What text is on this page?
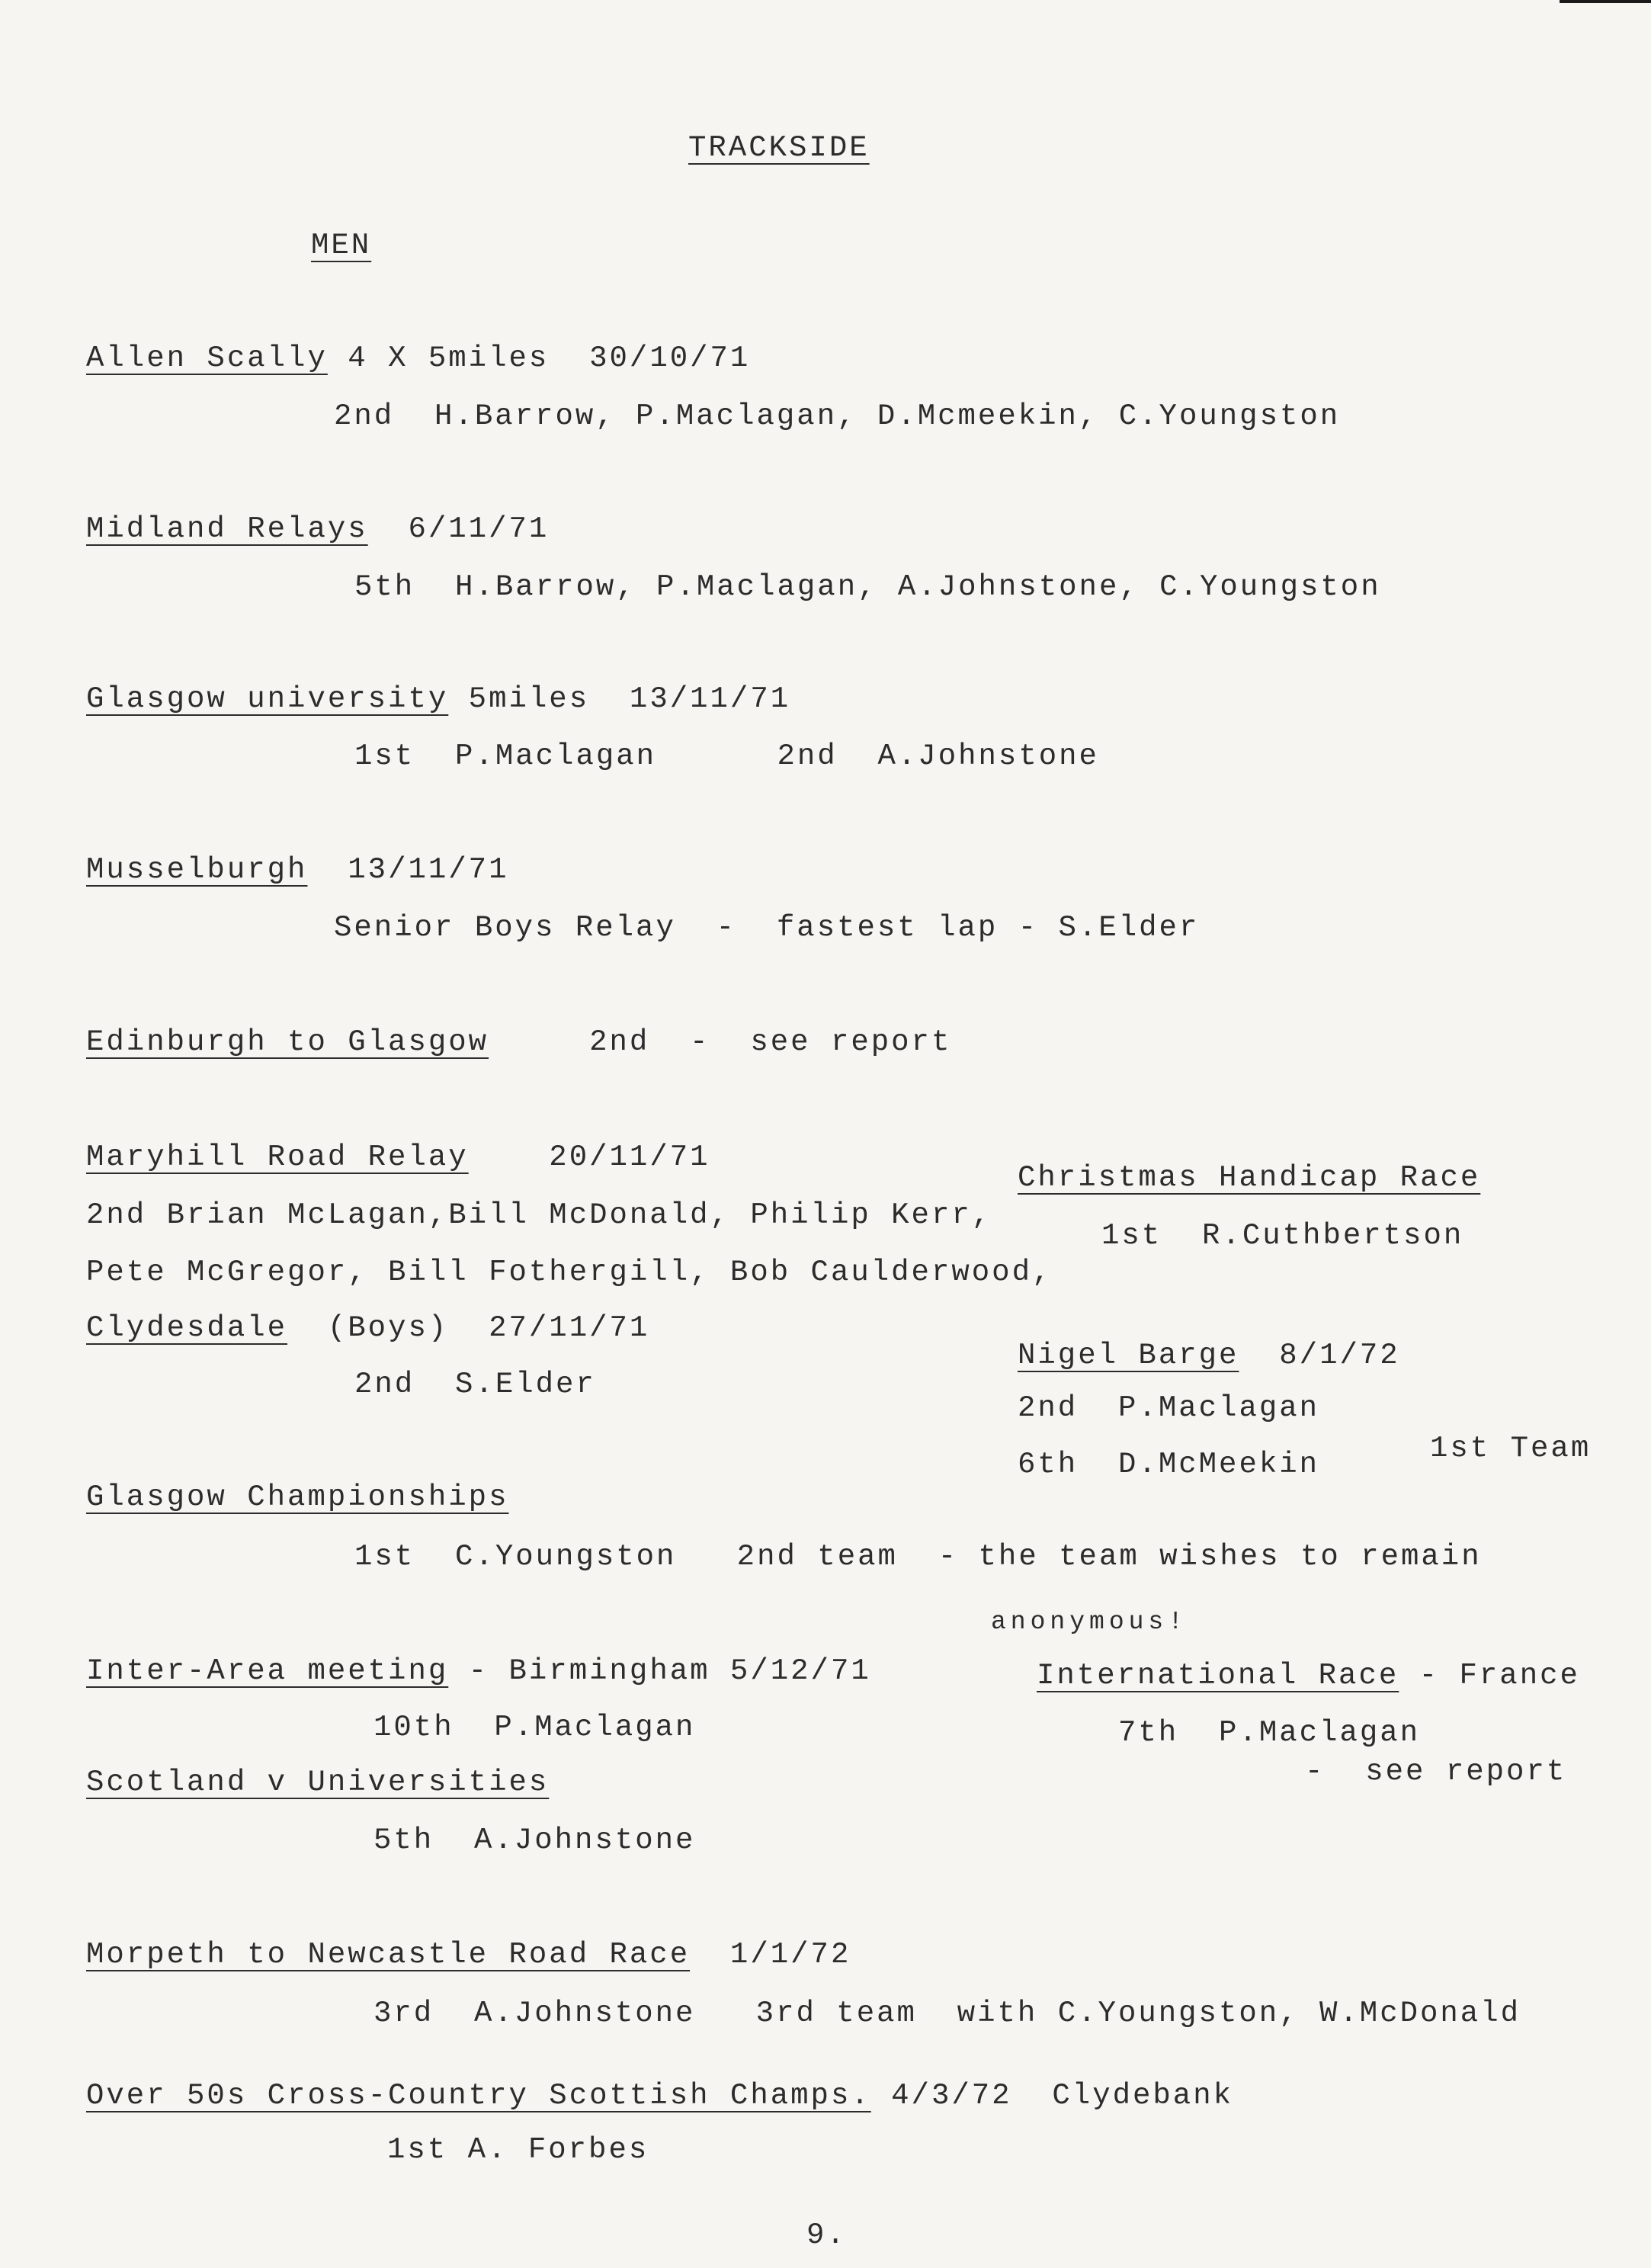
TRACKSIDE
MEN
Allen Scally 4 X 5miles  30/10/71
2nd  H.Barrow, P.Maclagan, D.Mcmeekin, C.Youngston
Midland Relays  6/11/71
5th  H.Barrow, P.Maclagan, A.Johnstone, C.Youngston
Glasgow university 5miles  13/11/71
1st  P.Maclagan      2nd  A.Johnstone
Musselburgh  13/11/71
Senior Boys Relay  -  fastest lap - S.Elder
Edinburgh to Glasgow     2nd  -  see report
Maryhill Road Relay    20/11/71
2nd Brian McLagan,Bill McDonald, Philip Kerr,
Pete McGregor, Bill Fothergill, Bob Caulderwood,
Clydesdale  (Boys)  27/11/71
2nd  S.Elder
Christmas Handicap Race
1st  R.Cuthbertson
Nigel Barge  8/1/72
2nd  P.Maclagan
6th  D.McMeekin	1st Team
Glasgow Championships
1st  C.Youngston   2nd team  - the team wishes to remain
anonymous!
Inter-Area meeting - Birmingham 5/12/71
10th  P.Maclagan
International Race - France
7th  P.Maclagan
-  see report
Scotland v Universities
5th  A.Johnstone
Morpeth to Newcastle Road Race  1/1/72
3rd  A.Johnstone   3rd team  with C.Youngston, W.McDonald
Over 50s Cross-Country Scottish Champs. 4/3/72  Clydebank
1st A. Forbes
9.
